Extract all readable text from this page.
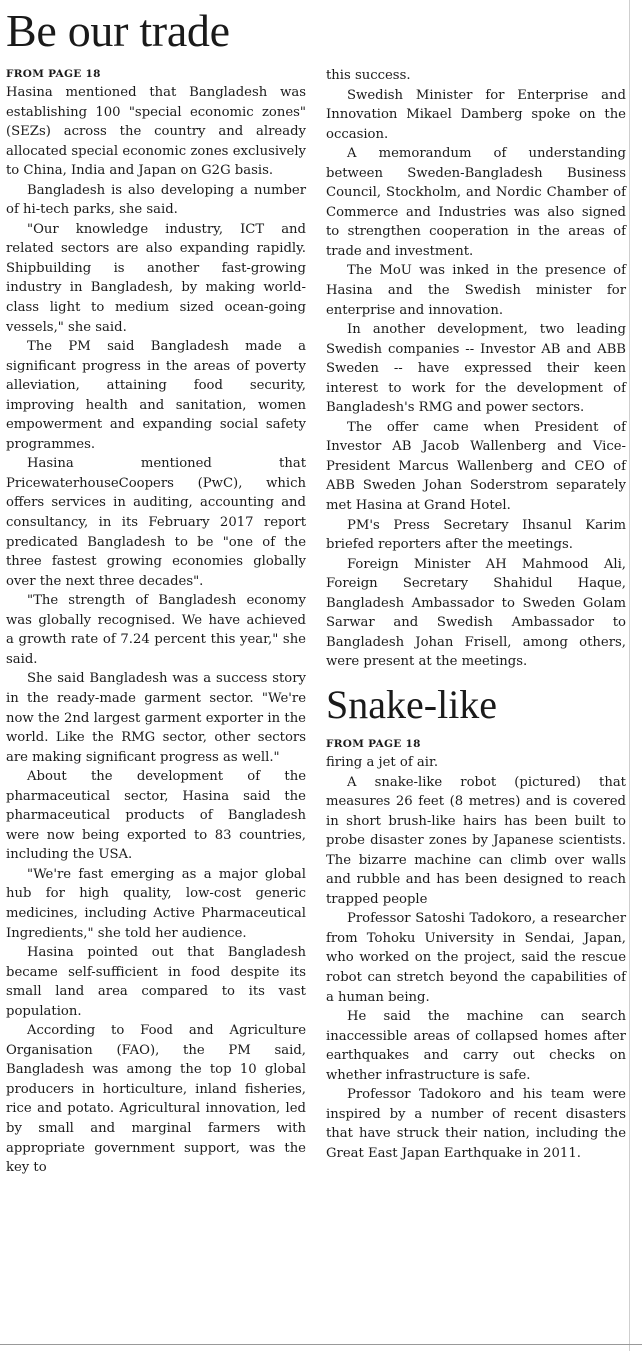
Be our trade
FROM PAGE 18

Hasina mentioned that Bangladesh was establishing 100 "special economic zones" (SEZs) across the country and already allocated special economic zones exclusively to China, India and Japan on G2G basis.

Bangladesh is also developing a number of hi-tech parks, she said.

"Our knowledge industry, ICT and related sectors are also expanding rapidly. Shipbuilding is another fast-growing industry in Bangladesh, by making world-class light to medium sized ocean-going vessels," she said.

The PM said Bangladesh made a significant progress in the areas of poverty alleviation, attaining food security, improving health and sanitation, women empowerment and expanding social safety programmes.

Hasina mentioned that PricewaterhouseCoopers (PwC), which offers services in auditing, accounting and consultancy, in its February 2017 report predicated Bangladesh to be "one of the three fastest growing economies globally over the next three decades".

"The strength of Bangladesh economy was globally recognised. We have achieved a growth rate of 7.24 percent this year," she said.

She said Bangladesh was a success story in the ready-made garment sector. "We're now the 2nd largest garment exporter in the world. Like the RMG sector, other sectors are making significant progress as well."

About the development of the pharmaceutical sector, Hasina said the pharmaceutical products of Bangladesh were now being exported to 83 countries, including the USA.

"We're fast emerging as a major global hub for high quality, low-cost generic medicines, including Active Pharmaceutical Ingredients," she told her audience.

Hasina pointed out that Bangladesh became self-sufficient in food despite its small land area compared to its vast population.

According to Food and Agriculture Organisation (FAO), the PM said, Bangladesh was among the top 10 global producers in horticulture, inland fisheries, rice and potato. Agricultural innovation, led by small and marginal farmers with appropriate government support, was the key to

this success.

Swedish Minister for Enterprise and Innovation Mikael Damberg spoke on the occasion.

A memorandum of understanding between Sweden-Bangladesh Business Council, Stockholm, and Nordic Chamber of Commerce and Industries was also signed to strengthen cooperation in the areas of trade and investment.

The MoU was inked in the presence of Hasina and the Swedish minister for enterprise and innovation.

In another development, two leading Swedish companies -- Investor AB and ABB Sweden -- have expressed their keen interest to work for the development of Bangladesh's RMG and power sectors.

The offer came when President of Investor AB Jacob Wallenberg and Vice-President Marcus Wallenberg and CEO of ABB Sweden Johan Soderstrom separately met Hasina at Grand Hotel.

PM's Press Secretary Ihsanul Karim briefed reporters after the meetings.

Foreign Minister AH Mahmood Ali, Foreign Secretary Shahidul Haque, Bangladesh Ambassador to Sweden Golam Sarwar and Swedish Ambassador to Bangladesh Johan Frisell, among others, were present at the meetings.

Snake-like
FROM PAGE 18

firing a jet of air.

A snake-like robot (pictured) that measures 26 feet (8 metres) and is covered in short brush-like hairs has been built to probe disaster zones by Japanese scientists. The bizarre machine can climb over walls and rubble and has been designed to reach trapped people

Professor Satoshi Tadokoro, a researcher from Tohoku University in Sendai, Japan, who worked on the project, said the rescue robot can stretch beyond the capabilities of a human being.

He said the machine can search inaccessible areas of collapsed homes after earthquakes and carry out checks on whether infrastructure is safe.

Professor Tadokoro and his team were inspired by a number of recent disasters that have struck their nation, including the Great East Japan Earthquake in 2011.
